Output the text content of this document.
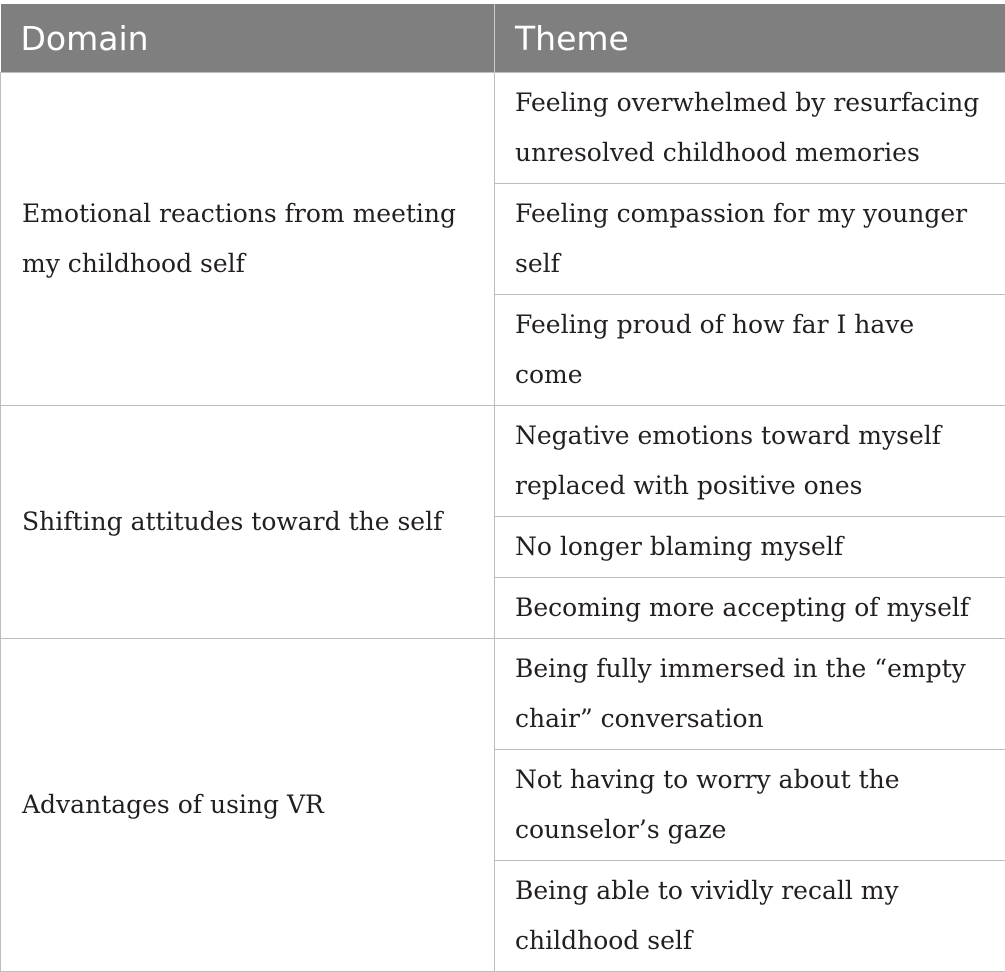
Domain	Theme
Emotional reactions from meeting my childhood self	Feeling overwhelmed by resurfacing unresolved childhood memories
	Feeling compassion for my younger self
	Feeling proud of how far I have come
Shifting attitudes toward the self	Negative emotions toward myself replaced with positive ones
	No longer blaming myself
	Becoming more accepting of myself
Advantages of using VR	Being fully immersed in the “empty chair” conversation
	Not having to worry about the counselor’s gaze
	Being able to vividly recall my childhood self
